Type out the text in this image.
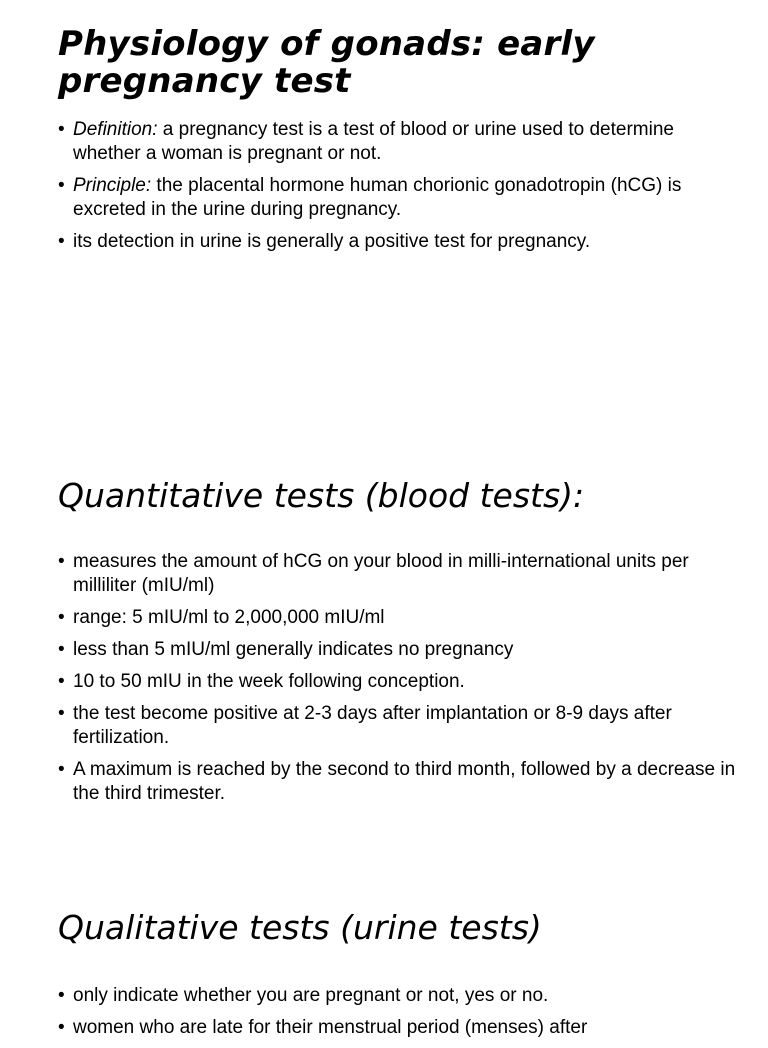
Physiology of gonads: early pregnancy test
• Definition: a pregnancy test is a test of blood or urine used to determine whether a woman is pregnant or not.
• Principle: the placental hormone human chorionic gonadotropin (hCG) is excreted in the urine during pregnancy.
• its detection in urine is generally a positive test for pregnancy.
Quantitative tests (blood tests):
• measures the amount of hCG on your blood in milli-international units per milliliter (mIU/ml)
• range: 5 mIU/ml to 2,000,000 mIU/ml
• less than 5 mIU/ml generally indicates no pregnancy
• 10 to 50 mIU in the week following conception.
• the test become positive at 2-3 days after implantation or 8-9 days after fertilization.
• A maximum is reached by the second to third month, followed by a decrease in the third trimester.
Qualitative tests (urine tests)
• only indicate whether you are pregnant or not, yes or no.
• women who are late for their menstrual period (menses) after
